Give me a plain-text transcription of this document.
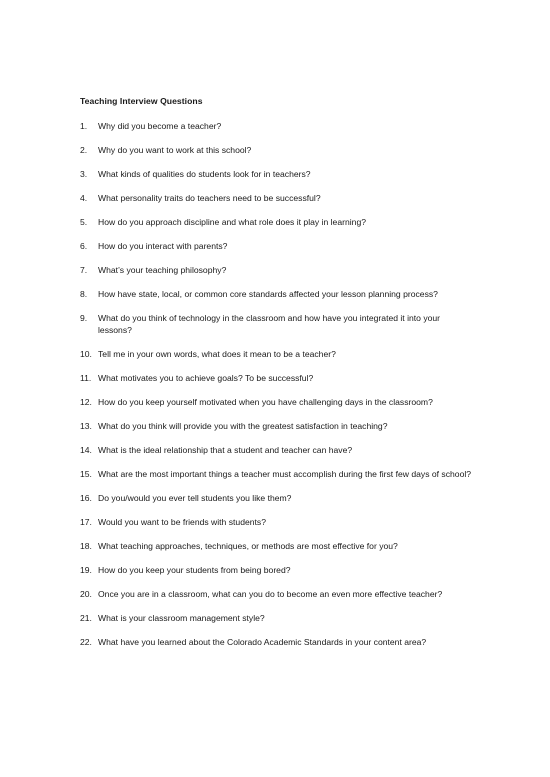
Teaching Interview Questions
1.	Why did you become a teacher?
2.	Why do you want to work at this school?
3.	What kinds of qualities do students look for in teachers?
4.	What personality traits do teachers need to be successful?
5.	How do you approach discipline and what role does it play in learning?
6.	How do you interact with parents?
7.	What’s your teaching philosophy?
8.	How have state, local, or common core standards affected your lesson planning process?
9.	What do you think of technology in the classroom and how have you integrated it into your lessons?
10. Tell me in your own words, what does it mean to be a teacher?
11. What motivates you to achieve goals? To be successful?
12. How do you keep yourself motivated when you have challenging days in the classroom?
13. What do you think will provide you with the greatest satisfaction in teaching?
14. What is the ideal relationship that a student and teacher can have?
15. What are the most important things a teacher must accomplish during the first few days of school?
16. Do you/would you ever tell students you like them?
17. Would you want to be friends with students?
18. What teaching approaches, techniques, or methods are most effective for you?
19. How do you keep your students from being bored?
20. Once you are in a classroom, what can you do to become an even more effective teacher?
21. What is your classroom management style?
22. What have you learned about the Colorado Academic Standards in your content area?
